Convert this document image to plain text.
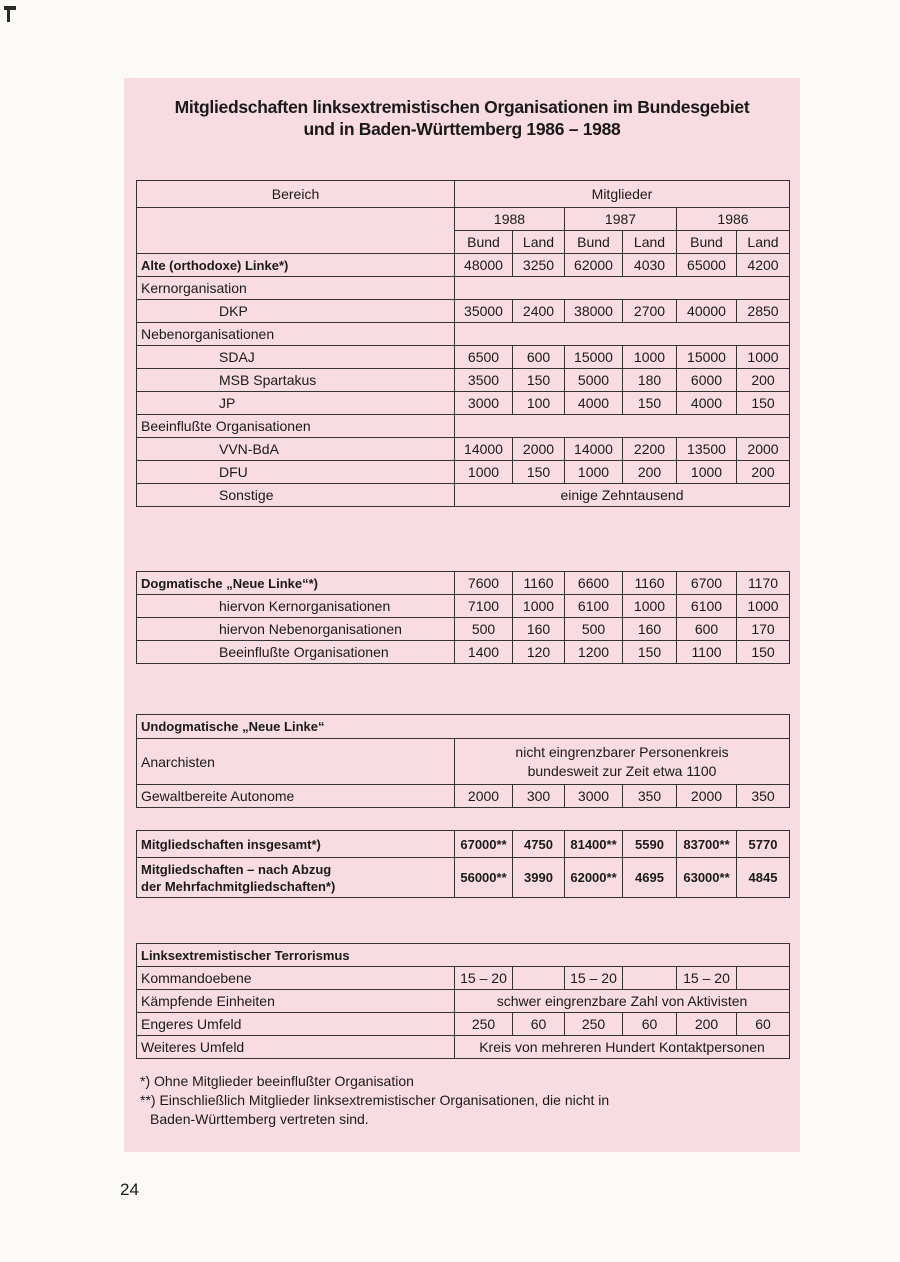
Mitgliedschaften linksextremistischen Organisationen im Bundesgebiet
und in Baden-Württemberg 1986 – 1988
Bereich	Mitglieder					
	1988		1987		1986	
	Bund	Land	Bund	Land	Bund	Land
Alte (orthodoxe) Linke*)	48000	3250	62000	4030	65000	4200
Kernorganisation						
DKP	35000	2400	38000	2700	40000	2850
Nebenorganisationen						
SDAJ	6500	600	15000	1000	15000	1000
MSB Spartakus	3500	150	5000	180	6000	200
JP	3000	100	4000	150	4000	150
Beeinflußte Organisationen						
VVN-BdA	14000	2000	14000	2200	13500	2000
DFU	1000	150	1000	200	1000	200
Sonstige	einige Zehntausend					
Dogmatische „Neue Linke“*)	7600	1160	6600	1160	6700	1170
hiervon Kernorganisationen	7100	1000	6100	1000	6100	1000
hiervon Nebenorganisationen	500	160	500	160	600	170
Beeinflußte Organisationen	1400	120	1200	150	1100	150
Undogmatische „Neue Linke“						
Anarchisten	nicht eingrenzbarer Personenkreis
bundesweit zur Zeit etwa 1100					

Gewaltbereite Autonome	2000	300	3000	350	2000	350
Mitgliedschaften insgesamt*)	67000**	4750	81400**	5590	83700**	5770

Mitgliedschaften – nach Abzug
der Mehrfachmitgliedschaften*)	56000**	3990	62000**	4695	63000**	4845
Linksextremistischer Terrorismus						
Kommandoebene	15 – 20		15 – 20		15 – 20	
Kämpfende Einheiten	schwer eingrenzbare Zahl von Aktivisten					
Engeres Umfeld	250	60	250	60	200	60
Weiteres Umfeld	Kreis von mehreren Hundert Kontaktpersonen					
*) Ohne Mitglieder beeinflußter Organisation
**) Einschließlich Mitglieder linksextremistischer Organisationen, die nicht in
Baden-Württemberg vertreten sind.
24
